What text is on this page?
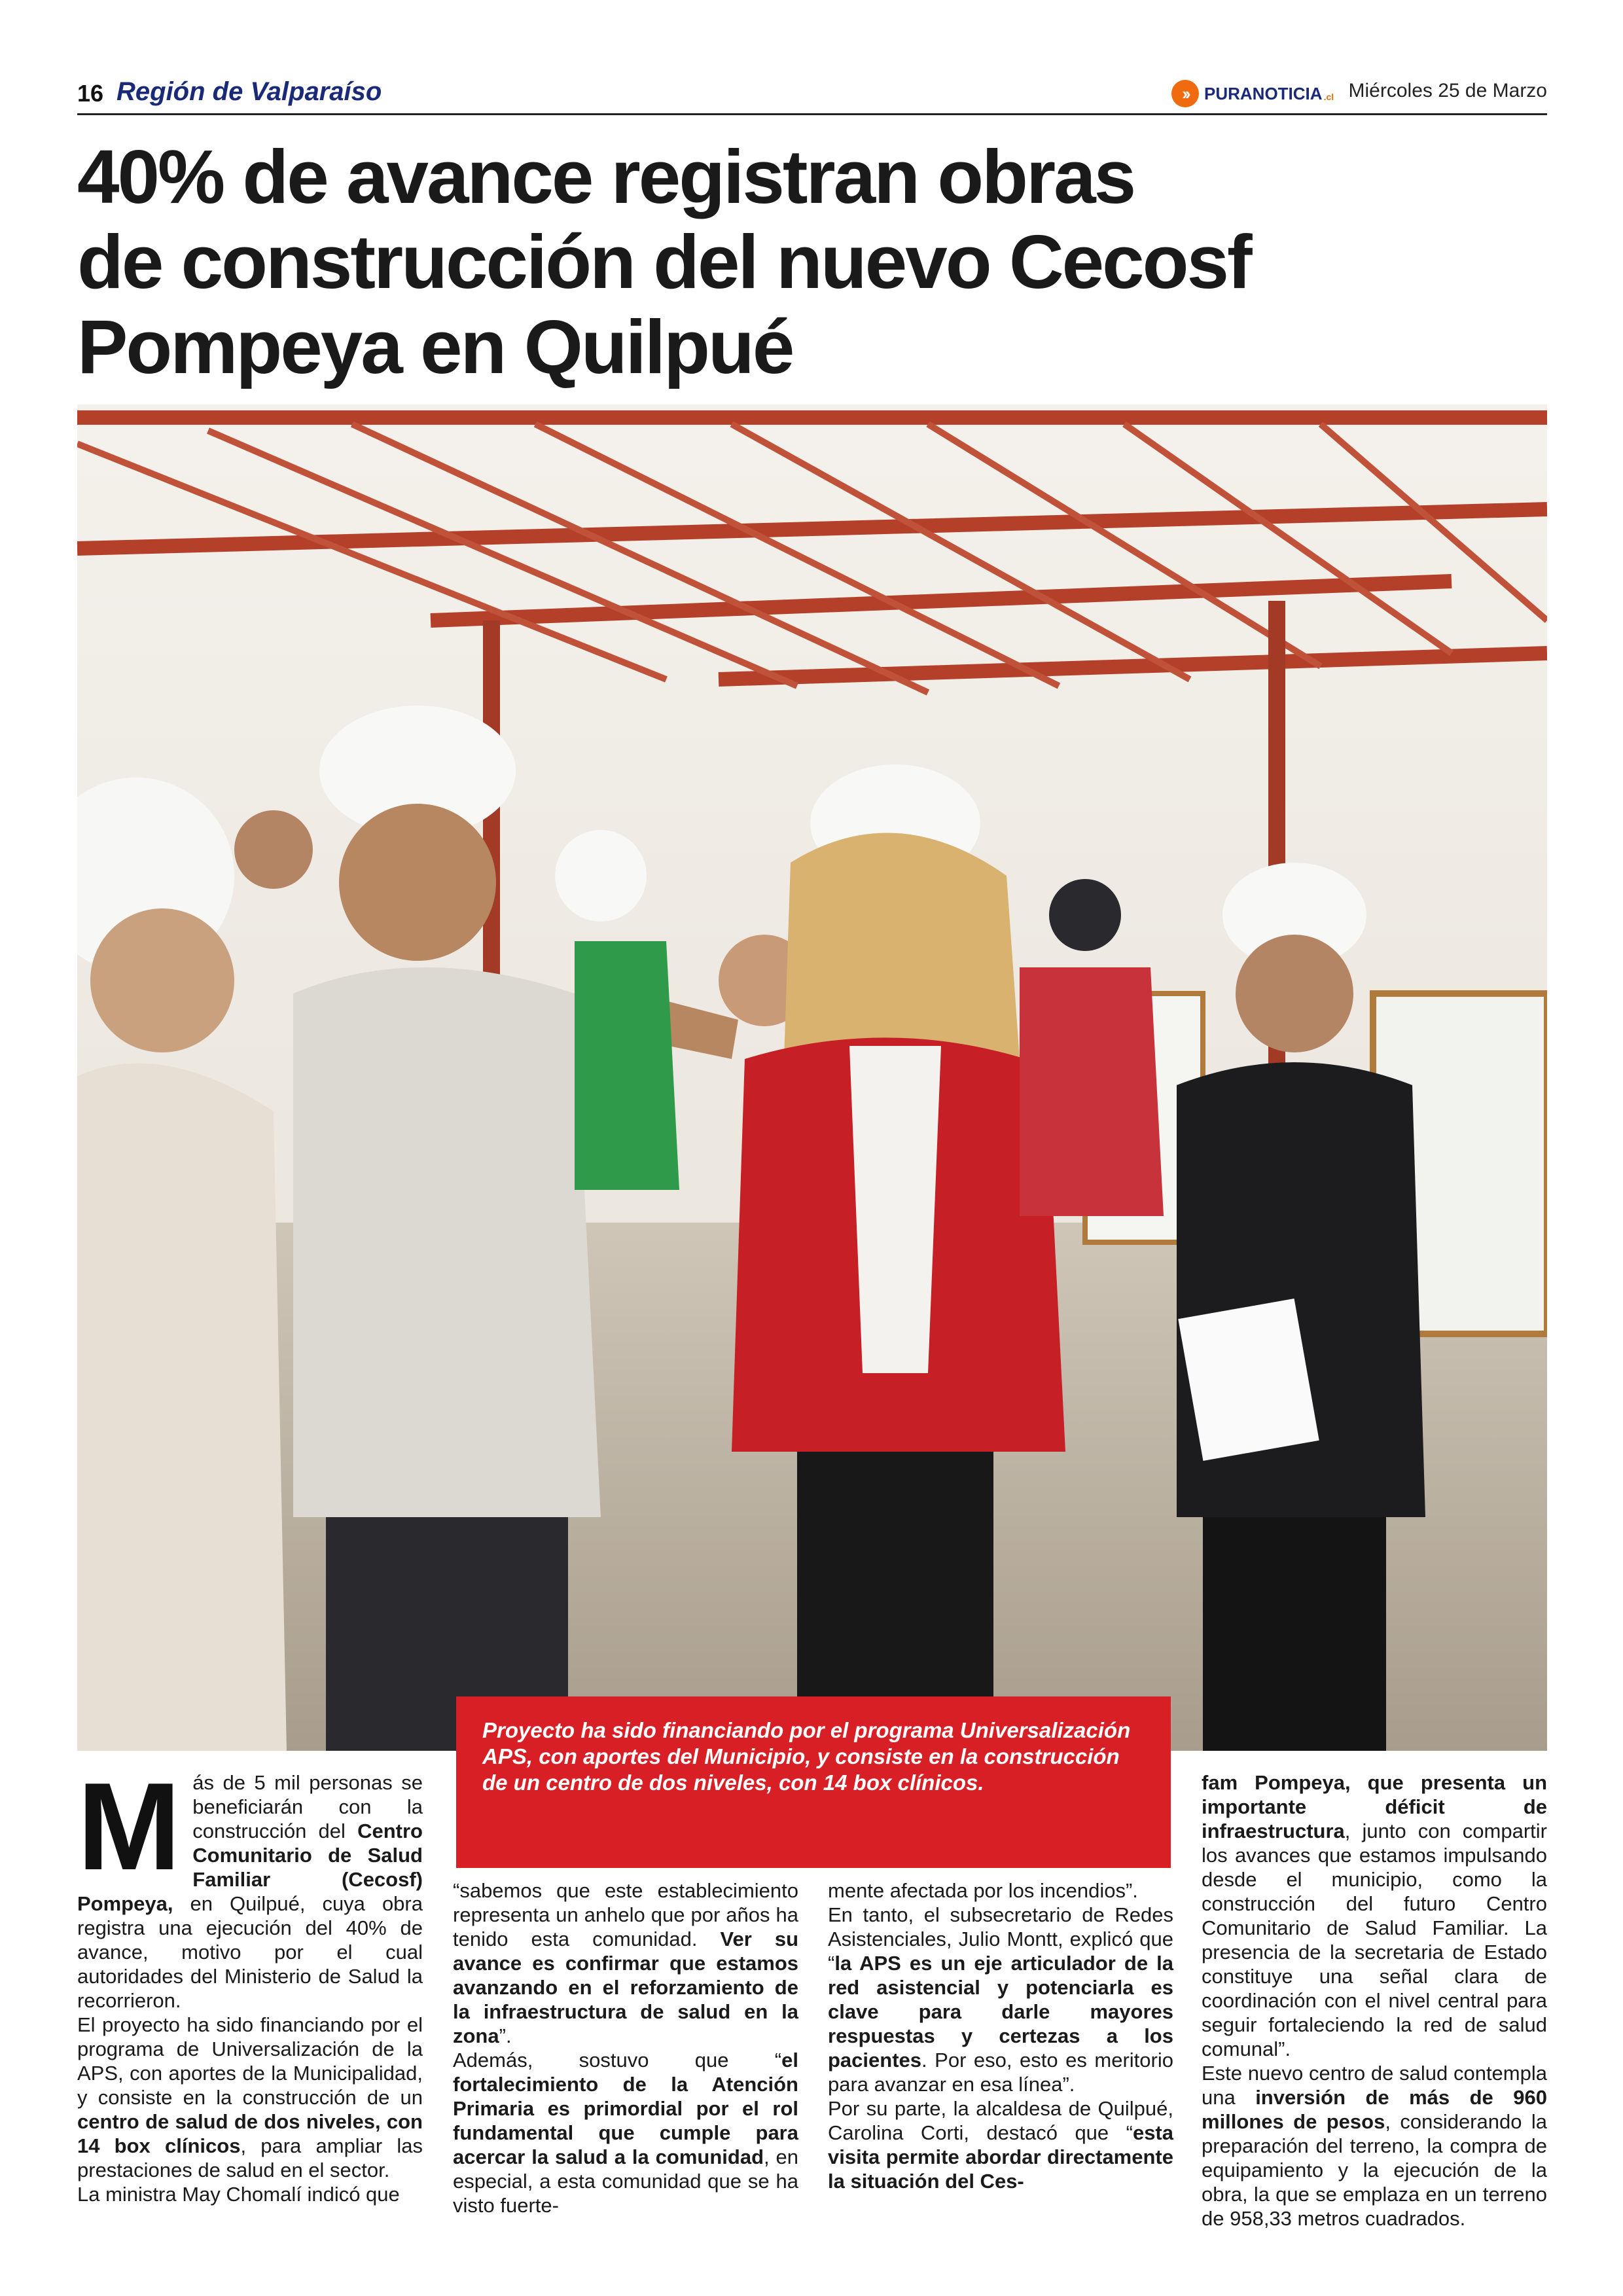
16 Región de Valparaíso	›› PURANOTICIA .cl Miércoles 25 de Marzo
40% de avance registran obras
de construcción del nuevo Cecosf
Pompeya en Quilpué

Proyecto ha sido financiando por el programa Universalización APS, con aportes del Municipio, y consiste en la construcción de un centro de dos niveles, con 14 box clínicos.

Más de 5 mil personas se beneficiarán con la construcción del Centro Comunitario de Salud Familiar (Cecosf) Pompeya, en Quilpué, cuya obra registra una ejecución del 40% de avance, motivo por el cual autoridades del Ministerio de Salud la recorrieron.

El proyecto ha sido financiando por el programa de Universalización de la APS, con aportes de la Municipalidad, y consiste en la construcción de un centro de salud de dos niveles, con 14 box clínicos, para ampliar las prestaciones de salud en el sector.

La ministra May Chomalí indicó que

“sabemos que este establecimiento representa un anhelo que por años ha tenido esta comunidad. Ver su avance es confirmar que estamos avanzando en el reforzamiento de la infraestructura de salud en la zona”.

Además, sostuvo que “el fortalecimiento de la Atención Primaria es primordial por el rol fundamental que cumple para acercar la salud a la comunidad, en especial, a esta comunidad que se ha visto fuerte-

mente afectada por los incendios”.

En tanto, el subsecretario de Redes Asistenciales, Julio Montt, explicó que “la APS es un eje articulador de la red asistencial y potenciarla es clave para darle mayores respuestas y certezas a los pacientes. Por eso, esto es meritorio para avanzar en esa línea”.

Por su parte, la alcaldesa de Quilpué, Carolina Corti, destacó que “esta visita permite abordar directamente la situación del Ces-

fam Pompeya, que presenta un importante déficit de infraestructura, junto con compartir los avances que estamos impulsando desde el municipio, como la construcción del futuro Centro Comunitario de Salud Familiar. La presencia de la secretaria de Estado constituye una señal clara de coordinación con el nivel central para seguir fortaleciendo la red de salud comunal”.

Este nuevo centro de salud contempla una inversión de más de 960 millones de pesos, considerando la preparación del terreno, la compra de equipamiento y la ejecución de la obra, la que se emplaza en un terreno de 958,33 metros cuadrados.
